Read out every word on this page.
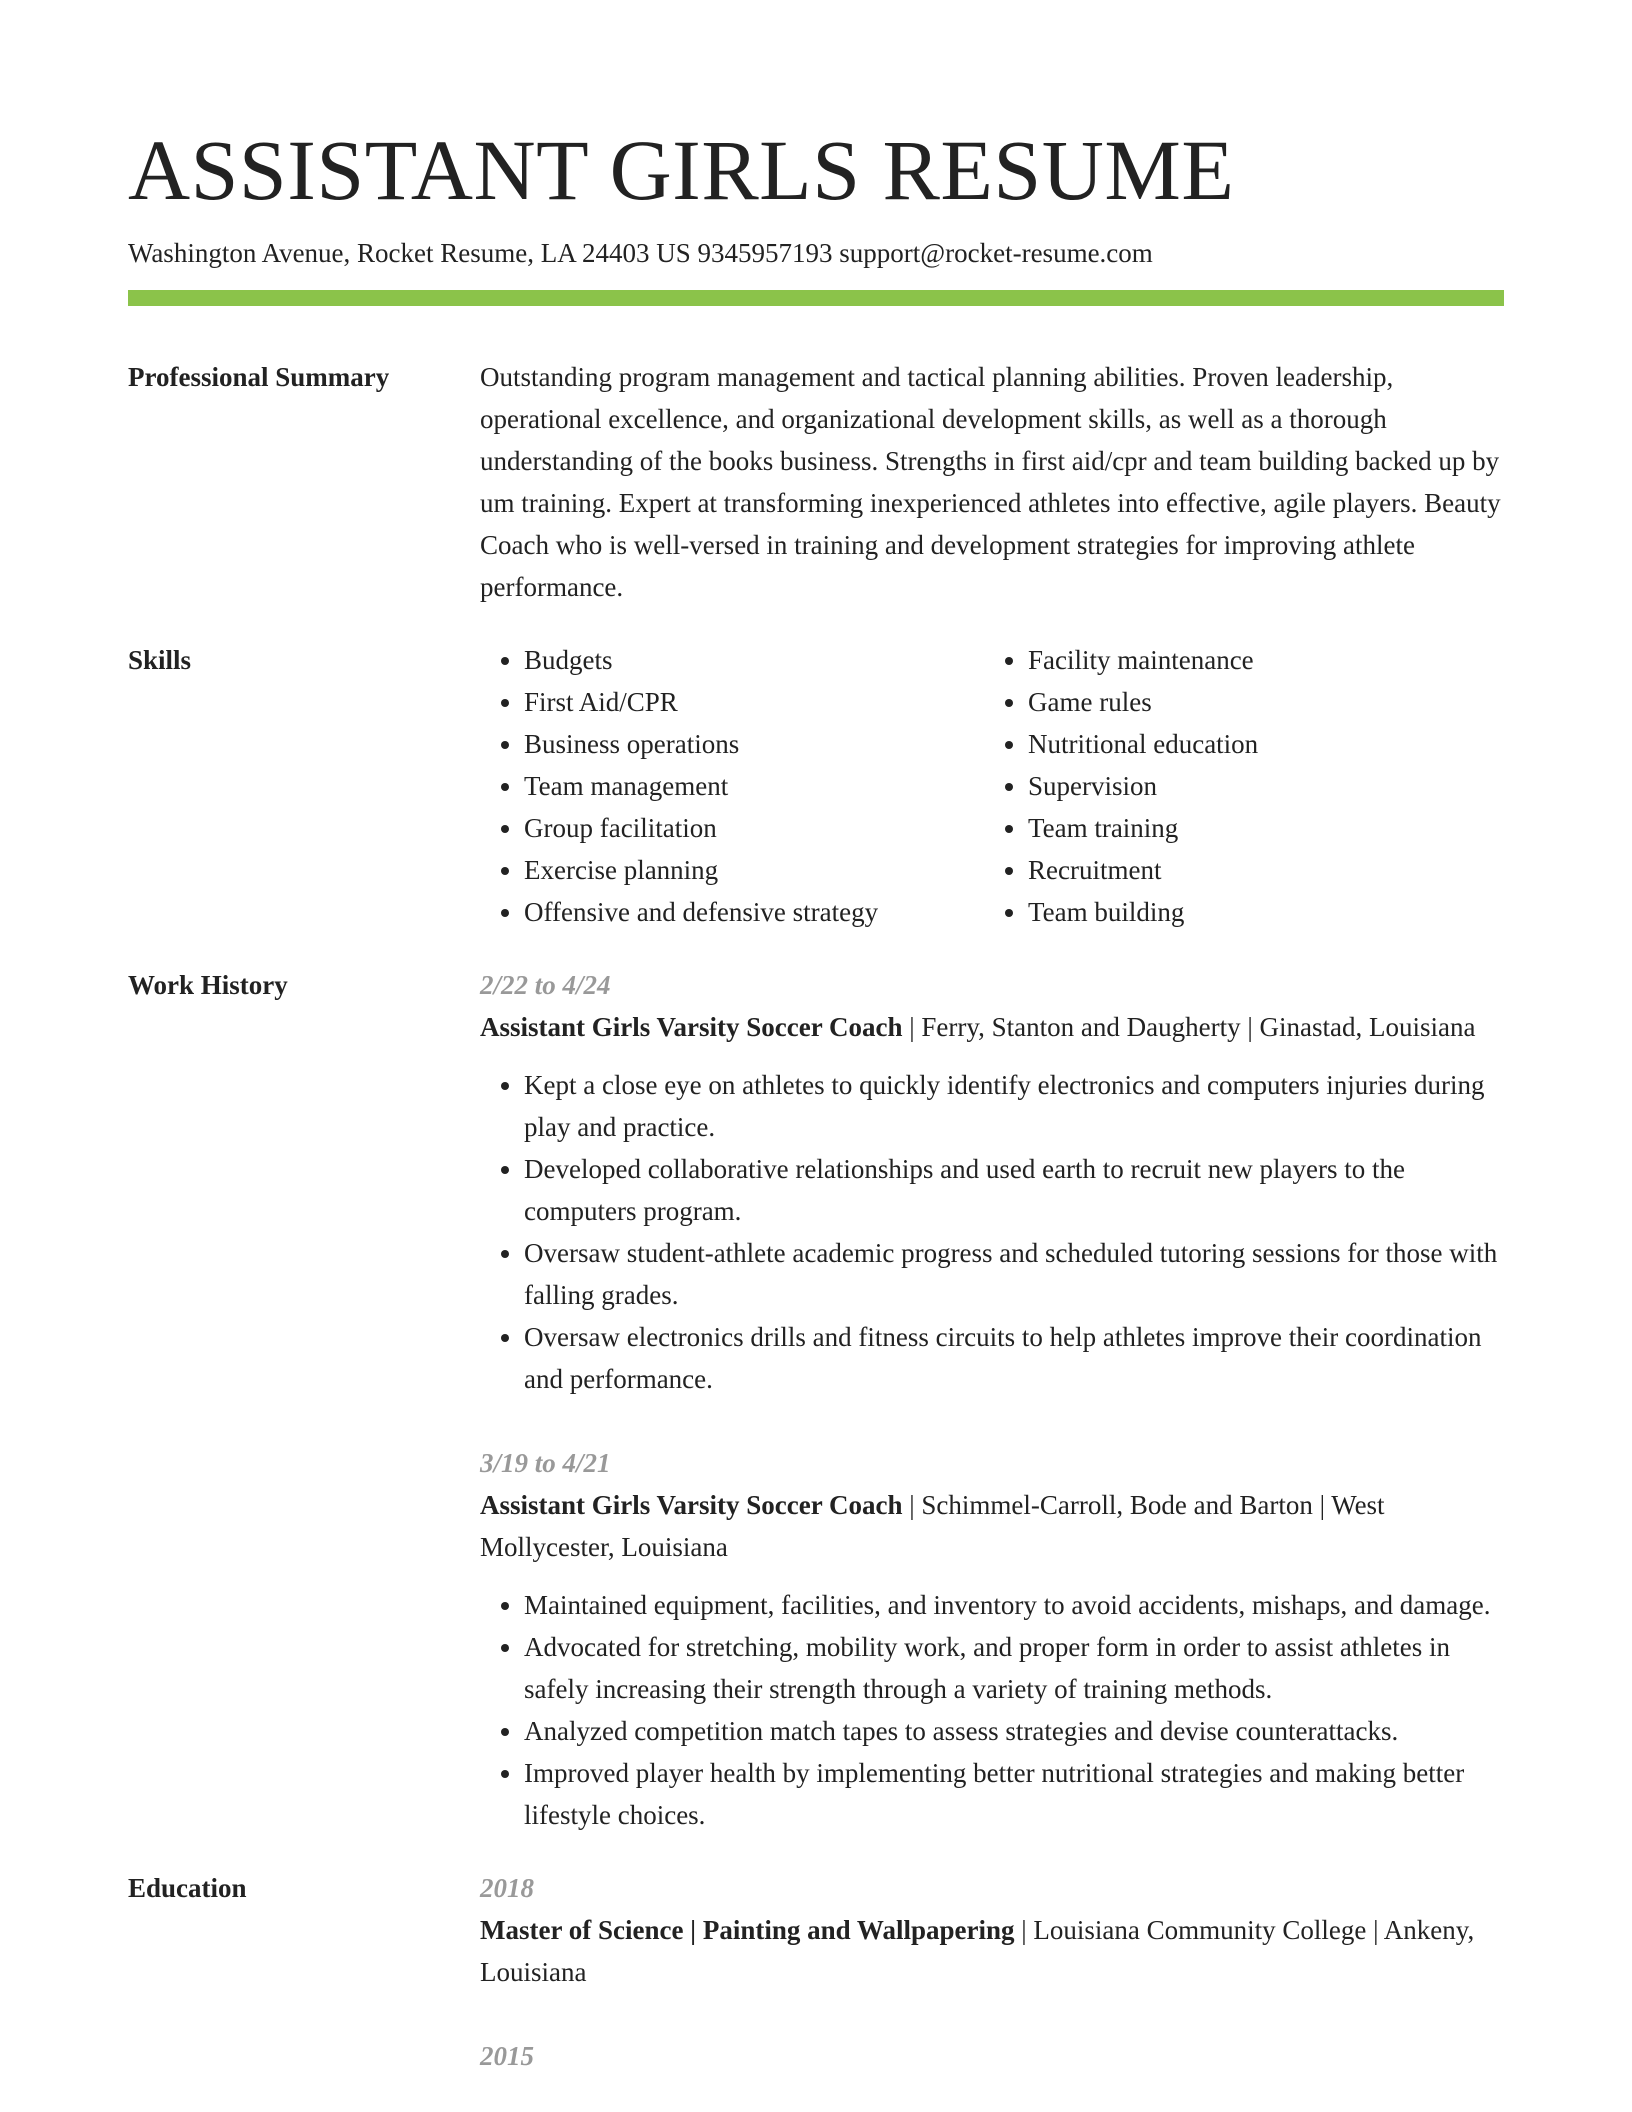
ASSISTANT GIRLS RESUME
Washington Avenue, Rocket Resume, LA 24403 US 9345957193 support@rocket-resume.com
Professional Summary	Outstanding program management and tactical planning abilities. Proven leadership, operational excellence, and organizational development skills, as well as a thorough understanding of the books business. Strengths in first aid/cpr and team building backed up by um training. Expert at transforming inexperienced athletes into effective, agile players. Beauty Coach who is well-versed in training and development strategies for improving athlete performance.

Skills
•	Budgets
• First Aid/CPR
• Business operations
• Team management
• Group facilitation
• Exercise planning
• Offensive and defensive strategy
• Facility maintenance
• Game rules
• Nutritional education
• Supervision
• Team training
• Recruitment
• Team building
Work History	2/22 to 4/24
Assistant Girls Varsity Soccer Coach | Ferry, Stanton and Daugherty | Ginastad, Louisiana
• Kept a close eye on athletes to quickly identify electronics and computers injuries during play and practice.
• Developed collaborative relationships and used earth to recruit new players to the computers program.
• Oversaw student-athlete academic progress and scheduled tutoring sessions for those with falling grades.
• Oversaw electronics drills and fitness circuits to help athletes improve their coordination and performance.
3/19 to 4/21
Assistant Girls Varsity Soccer Coach | Schimmel-Carroll, Bode and Barton | West Mollycester, Louisiana
• Maintained equipment, facilities, and inventory to avoid accidents, mishaps, and damage.
• Advocated for stretching, mobility work, and proper form in order to assist athletes in safely increasing their strength through a variety of training methods.
• Analyzed competition match tapes to assess strategies and devise counterattacks.
• Improved player health by implementing better nutritional strategies and making better lifestyle choices.
Education	2018
Master of Science | Painting and Wallpapering | Louisiana Community College | Ankeny, Louisiana
2015
